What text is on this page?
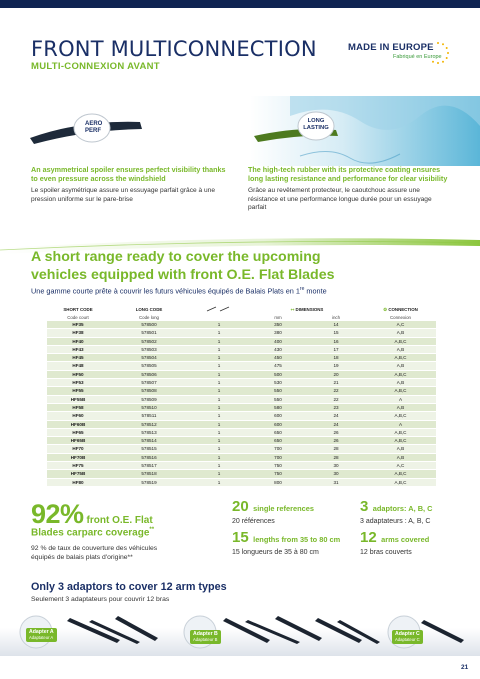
FRONT MULTICONNECTION
MULTI-CONNEXION AVANT
MADE IN EUROPE
Fabriqué en Europe
AERO
PERF
LONG
LASTING
An asymmetrical spoiler ensures perfect visibility thanks to even pressure across the windshield
Le spoiler asymétrique assure un essuyage parfait grâce à une pression uniforme sur le pare-brise
The high-tech rubber with its protective coating ensures long lasting resistance and performance for clear visibility
Grâce au revêtement protecteur, le caoutchouc assure une résistance et une performance longue durée pour un essuyage parfait
A short range ready to cover the upcoming
vehicles equipped with front O.E. Flat Blades
Une gamme courte prête à couvrir les futurs véhicules équipés de Balais Plats en 1re monte
SHORT CODE	LONG CODE		⇿ DIMENSIONS		⚙ CONNECTION
Code court	Code long		mm	inch	Connexion
HF35	578500	1	350	14	A,C
HF38	578501	1	380	15	A,B
HF40	578502	1	400	16	A,B,C
HF43	578503	1	430	17	A,B
HF45	578504	1	450	18	A,B,C
HF48	578505	1	475	19	A,B
HF50	578506	1	500	20	A,B,C
HF53	578507	1	530	21	A,B
HF55	578508	1	550	22	A,B,C
HF55B	578509	1	550	22	A
HF58	578510	1	580	23	A,B
HF60	578511	1	600	24	A,B,C
HF60B	578512	1	600	24	A
HF65	578513	1	650	26	A,B,C
HF65B	578514	1	650	26	A,B,C
HF70	578515	1	700	28	A,B
HF70B	578516	1	700	28	A,B
HF75	578517	1	750	30	A,C
HF75B	578518	1	750	30	A,B,C
HF80	578519	1	800	31	A,B,C
92% front O.E. Flat
Blades carparc coverage**
92 % de taux de couverture des véhicules
équipés de balais plats d'origine**
20 single references
20 références
3 adaptors: A, B, C
3 adaptateurs : A, B, C
15 lengths from 35 to 80 cm
15 longueurs de 35 à 80 cm
12 arms covered
12 bras couverts
Only 3 adaptors to cover 12 arm types
Seulement 3 adaptateurs pour couvrir 12 bras
Adapter A
Adaptateur A
Adapter B
Adaptateur B
Adapter C
Adaptateur C
21
